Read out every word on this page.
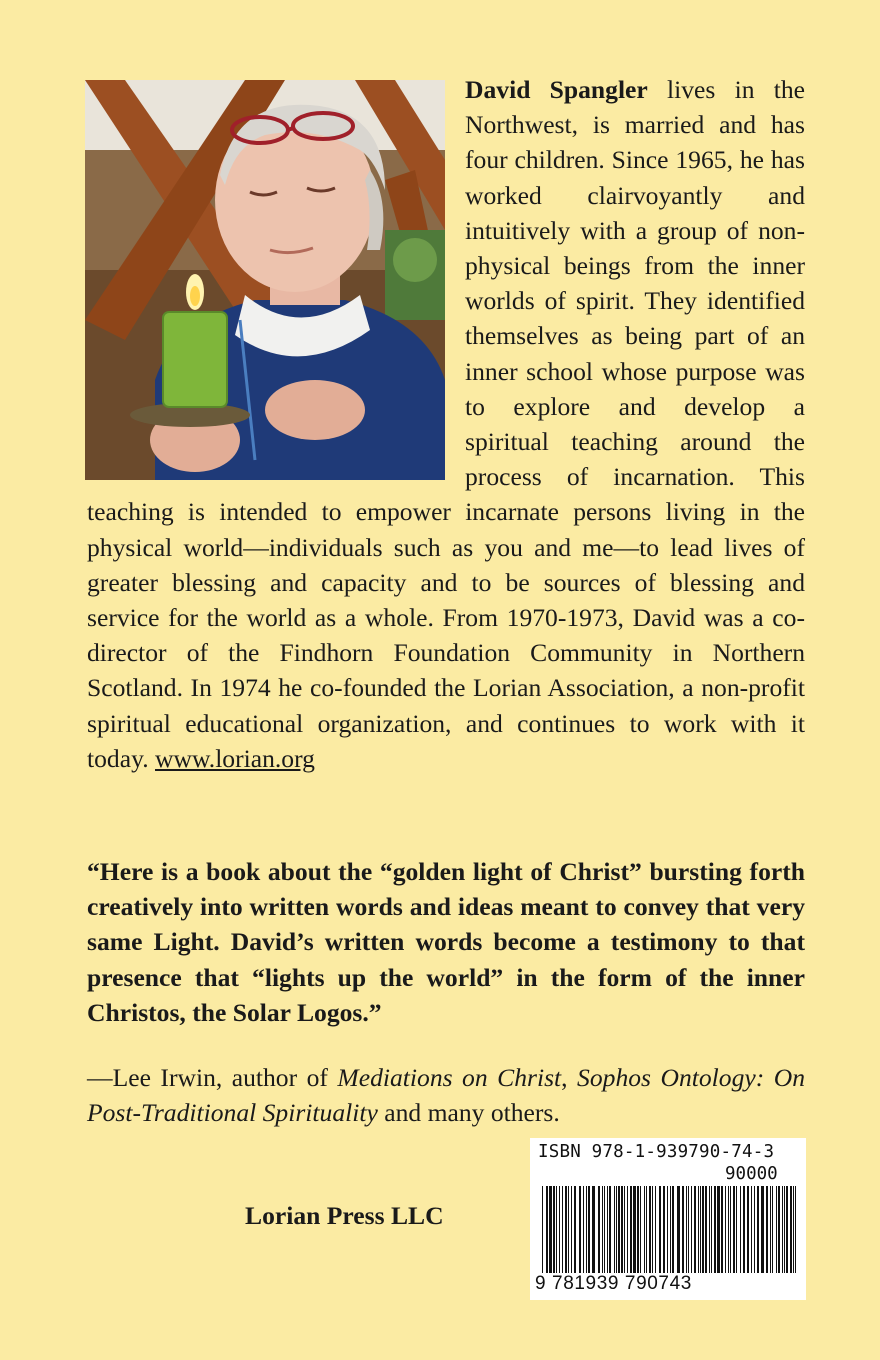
David Spangler lives in the Northwest, is married and has four children. Since 1965, he has worked clairvoyantly and intuitively with a group of non-physical beings from the inner worlds of spirit. They identified themselves as being part of an inner school whose purpose was to explore and develop a spiritual teaching around the process of incarnation. This teaching is intended to empower incarnate persons living in the physical world—individuals such as you and me—to lead lives of greater blessing and capacity and to be sources of blessing and service for the world as a whole. From 1970-1973, David was a co-director of the Findhorn Foundation Community in Northern Scotland. In 1974 he co-founded the Lorian Association, a non-profit spiritual educational organization, and continues to work with it today. www.lorian.org

“Here is a book about the “golden light of Christ” bursting forth creatively into written words and ideas meant to convey that very same Light. David’s written words become a testimony to that presence that “lights up the world” in the form of the inner Christos, the Solar Logos.”

—Lee Irwin, author of Mediations on Christ, Sophos Ontology: On Post-Traditional Spirituality and many others.

Lorian Press LLC

ISBN 978-1-939790-74-3
90000
9 781939 790743
